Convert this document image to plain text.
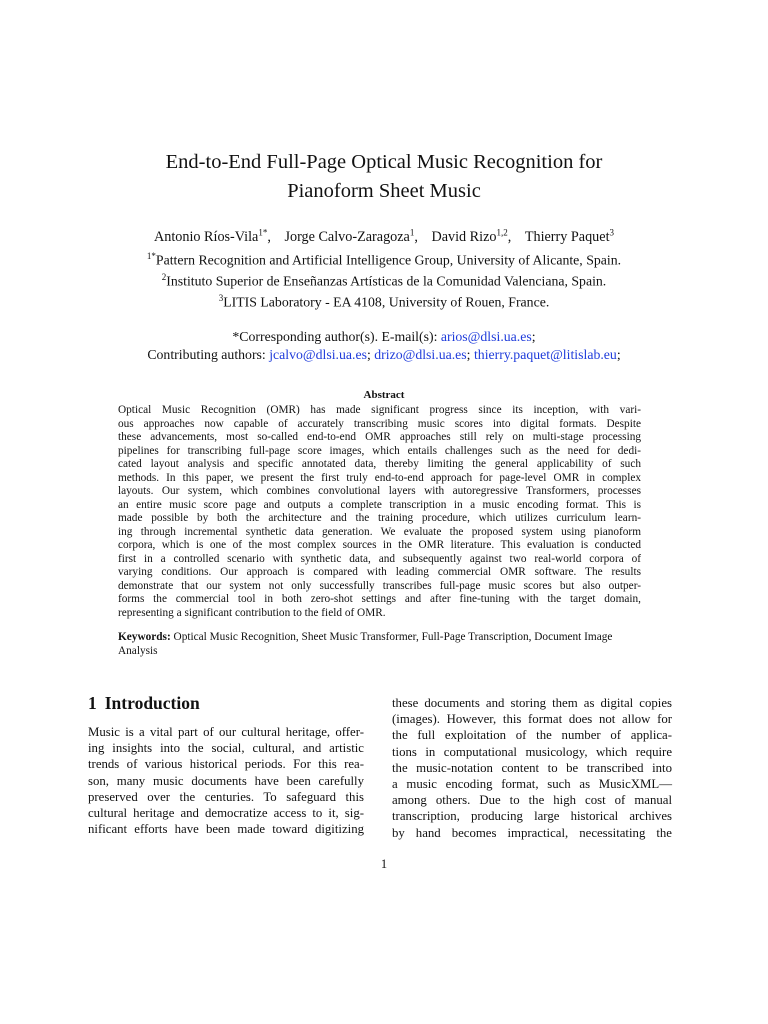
End-to-End Full-Page Optical Music Recognition for
Pianoform Sheet Music
Antonio Ríos-Vila$^{1*}$, Jorge Calvo-Zaragoza$^1$, David Rizo$^{1,2}$, Thierry Paquet$^3$
$^{1*}$Pattern Recognition and Artificial Intelligence Group, University of Alicante, Spain.
$^2$Instituto Superior de Enseñanzas Artísticas de la Comunidad Valenciana, Spain.
$^3$LITIS Laboratory - EA 4108, University of Rouen, France.
*Corresponding author(s). E-mail(s): arios@dlsi.ua.es;
Contributing authors: jcalvo@dlsi.ua.es; drizo@dlsi.ua.es; thierry.paquet@litislab.eu;
Abstract
Optical Music Recognition (OMR) has made significant progress since its inception, with vari-
ous approaches now capable of accurately transcribing music scores into digital formats. Despite
these advancements, most so-called end-to-end OMR approaches still rely on multi-stage processing
pipelines for transcribing full-page score images, which entails challenges such as the need for dedi-
cated layout analysis and specific annotated data, thereby limiting the general applicability of such
methods. In this paper, we present the first truly end-to-end approach for page-level OMR in complex
layouts. Our system, which combines convolutional layers with autoregressive Transformers, processes
an entire music score page and outputs a complete transcription in a music encoding format. This is
made possible by both the architecture and the training procedure, which utilizes curriculum learn-
ing through incremental synthetic data generation. We evaluate the proposed system using pianoform
corpora, which is one of the most complex sources in the OMR literature. This evaluation is conducted
first in a controlled scenario with synthetic data, and subsequently against two real-world corpora of
varying conditions. Our approach is compared with leading commercial OMR software. The results
demonstrate that our system not only successfully transcribes full-page music scores but also outper-
forms the commercial tool in both zero-shot settings and after fine-tuning with the target domain,
representing a significant contribution to the field of OMR.
Keywords: Optical Music Recognition, Sheet Music Transformer, Full-Page Transcription, Document Image
Analysis
1 Introduction
Music is a vital part of our cultural heritage, offer-
ing insights into the social, cultural, and artistic
trends of various historical periods. For this rea-
son, many music documents have been carefully
preserved over the centuries. To safeguard this
cultural heritage and democratize access to it, sig-
nificant efforts have been made toward digitizing
these documents and storing them as digital copies
(images). However, this format does not allow for
the full exploitation of the number of applica-
tions in computational musicology, which require
the music-notation content to be transcribed into
a music encoding format, such as MusicXML—
among others. Due to the high cost of manual
transcription, producing large historical archives
by hand becomes impractical, necessitating the
1
